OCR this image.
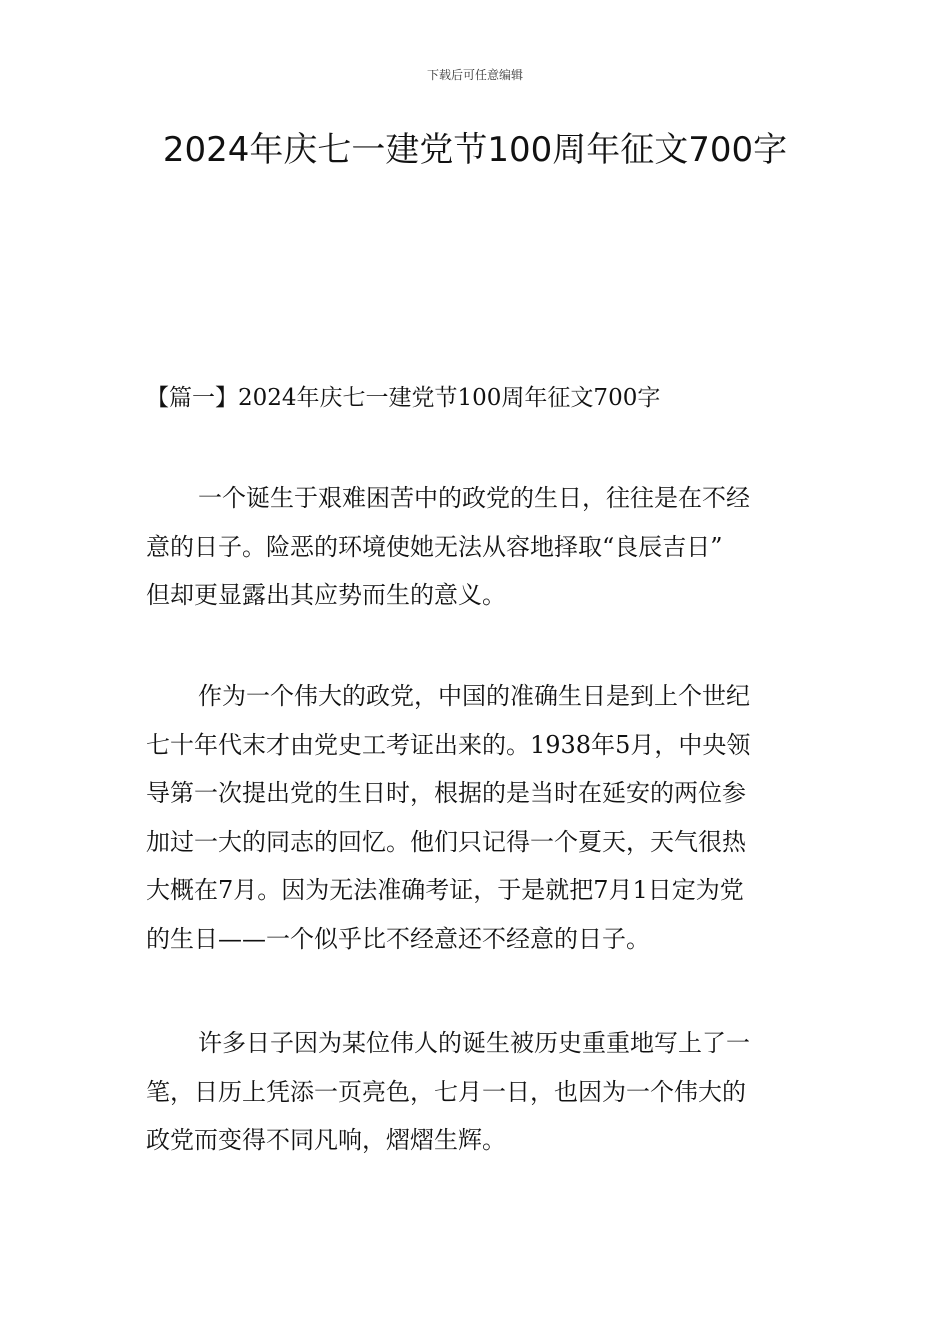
下载后可任意编辑
2024年庆七一建党节100周年征文700字
【篇一】2024年庆七一建党节100周年征文700字

一个诞生于艰难困苦中的政党的生日，往往是在不经
意的日子。险恶的环境使她无法从容地择取“良辰吉日”
但却更显露出其应势而生的意义。

作为一个伟大的政党，中国的准确生日是到上个世纪
七十年代末才由党史工考证出来的。1938年5月，中央领
导第一次提出党的生日时，根据的是当时在延安的两位参
加过一大的同志的回忆。他们只记得一个夏天，天气很热
大概在7月。因为无法准确考证，于是就把7月1日定为党
的生日——一个似乎比不经意还不经意的日子。

许多日子因为某位伟人的诞生被历史重重地写上了一
笔，日历上凭添一页亮色，七月一日，也因为一个伟大的
政党而变得不同凡响，熠熠生辉。
